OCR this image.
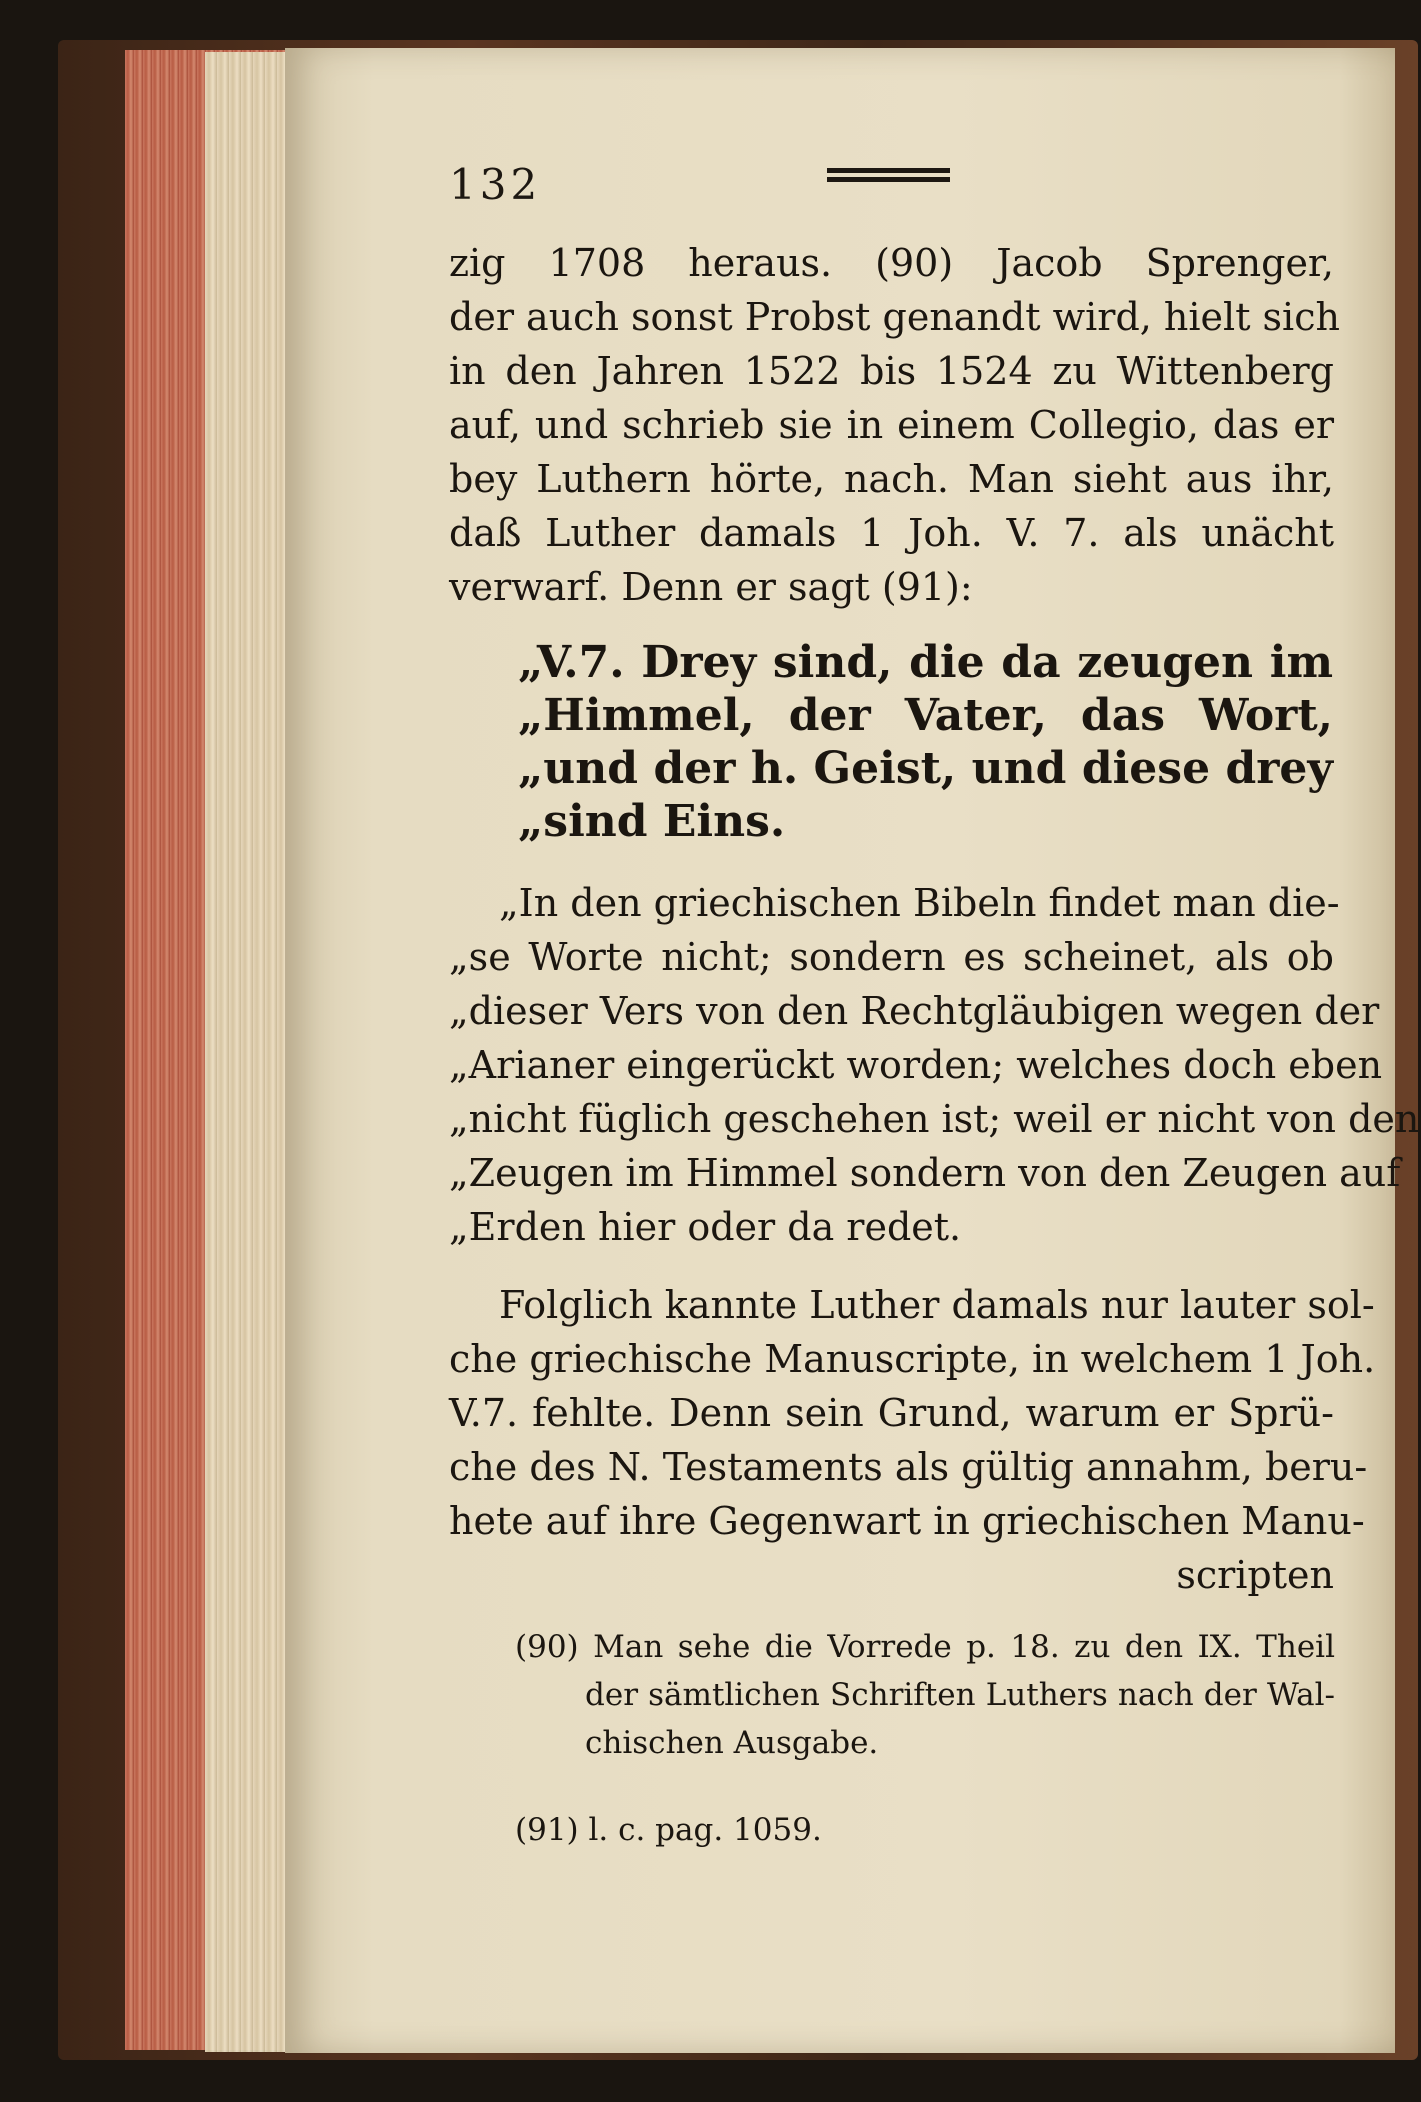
132
zig 1708 heraus. (90) Jacob Sprenger,
der auch sonst Probst genandt wird, hielt sich
in den Jahren 1522 bis 1524 zu Wittenberg
auf, und schrieb sie in einem Collegio, das er
bey Luthern hörte, nach. Man sieht aus ihr,
daß Luther damals 1 Joh. V. 7. als unächt
verwarf. Denn er sagt (91):
„V.7. Drey sind, die da zeugen im
„Himmel, der Vater, das Wort,
„und der h. Geist, und diese drey
„sind Eins.
„In den griechischen Bibeln findet man die-
„se Worte nicht; sondern es scheinet, als ob
„dieser Vers von den Rechtgläubigen wegen der
„Arianer eingerückt worden; welches doch eben
„nicht füglich geschehen ist; weil er nicht von den
„Zeugen im Himmel sondern von den Zeugen auf
„Erden hier oder da redet.
Folglich kannte Luther damals nur lauter sol-
che griechische Manuscripte, in welchem 1 Joh.
V.7. fehlte. Denn sein Grund, warum er Sprü-
che des N. Testaments als gültig annahm, beru-
hete auf ihre Gegenwart in griechischen Manu-
scripten
(90) Man sehe die Vorrede p. 18. zu den IX. Theil
der sämtlichen Schriften Luthers nach der Wal-
chischen Ausgabe.
(91) l. c. pag. 1059.
